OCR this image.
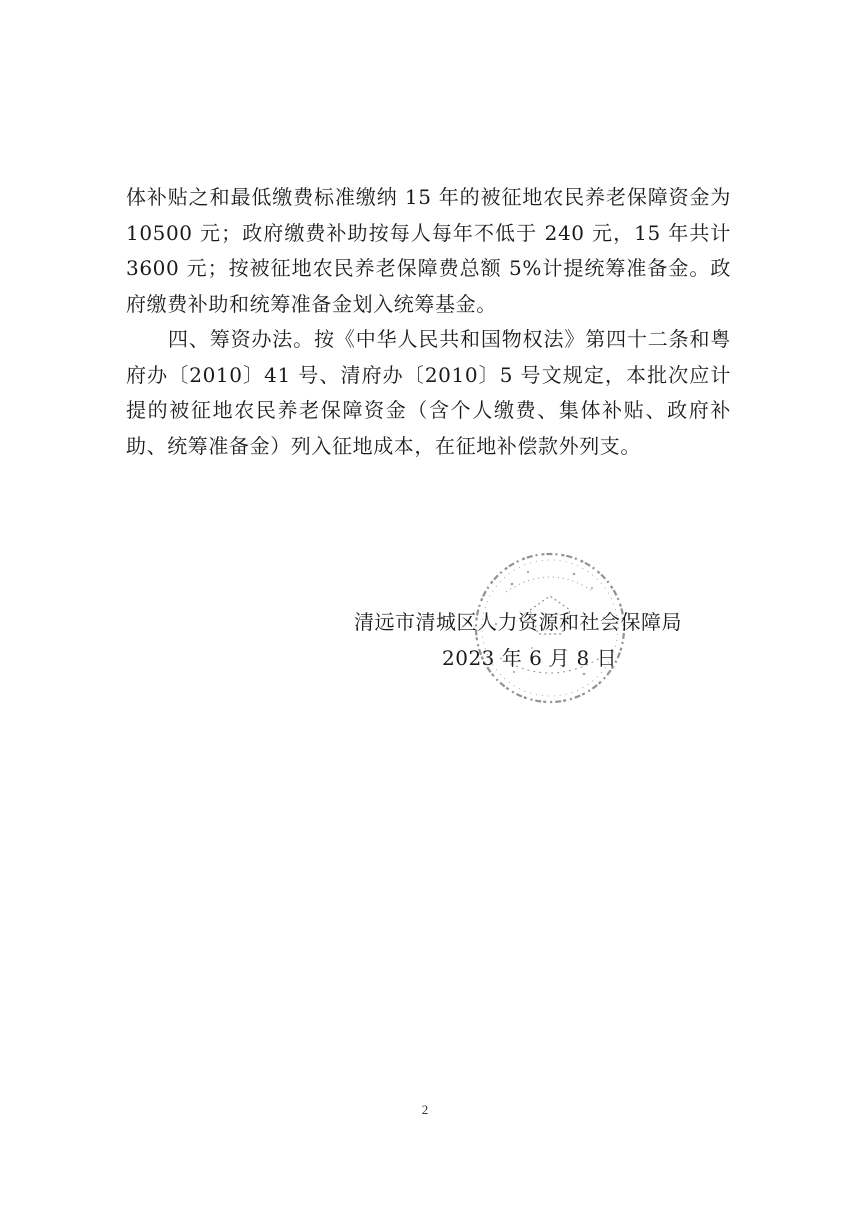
体补贴之和最低缴费标准缴纳 15 年的被征地农民养老保障资金为 10500 元；政府缴费补助按每人每年不低于 240 元，15 年共计 3600 元；按被征地农民养老保障费总额 5%计提统筹准备金。政府缴费补助和统筹准备金划入统筹基金。

四、筹资办法。按《中华人民共和国物权法》第四十二条和粤府办〔2010〕41 号、清府办〔2010〕5 号文规定，本批次应计提的被征地农民养老保障资金（含个人缴费、集体补贴、政府补助、统筹准备金）列入征地成本，在征地补偿款外列支。

清远市清城区人力资源和社会保障局
2023 年 6 月 8 日
2
